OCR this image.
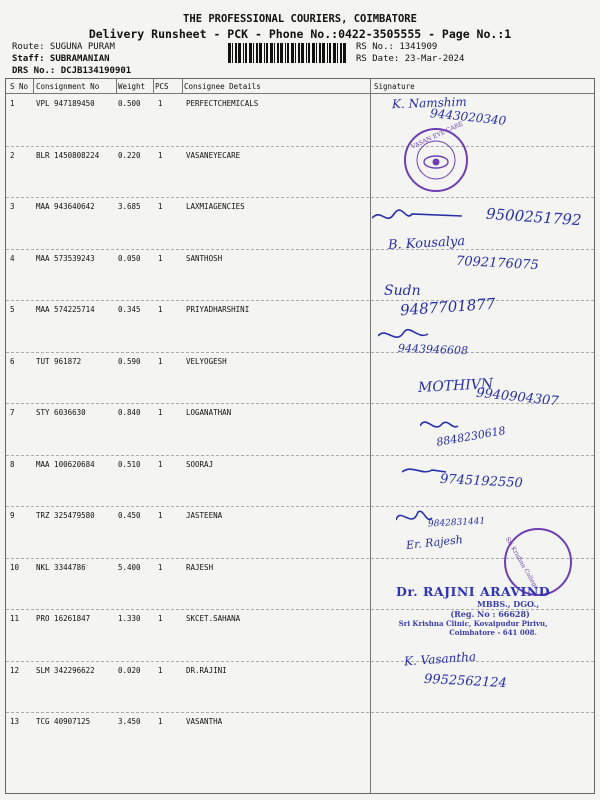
THE PROFESSIONAL COURIERS, COIMBATORE
Delivery Runsheet - PCK - Phone No.:0422-3505555 - Page No.:1
Route: SUGUNA PURAM
Staff: SUBRAMANIAN
DRS No.: DCJB134190901
RS No.: 1341909
RS Date: 23-Mar-2024
S No Consignment No	Weight PCS Consignee Details	Signature
1	VPL 947189450	0.500 1	PERFECTCHEMICALS
2	BLR 1450808224	0.220 1	VASANEYECARE
3	MAA 943640642	3.685 1	LAXMIAGENCIES
4	MAA 573539243	0.050 1	SANTHOSH
5	MAA 574225714	0.345 1	PRIYADHARSHINI
6	TUT 961872	0.590 1	VELYOGESH
7	STY 6036630	0.840 1	LOGANATHAN
8	MAA 100620684	0.510 1	SOORAJ
9	TRZ 325479580	0.450 1	JASTEENA
10 NKL 3344786	5.400 1	RAJESH
11 PRO 16261847	1.330 1	SKCET.SAHANA
12 SLM 342296622	0.020 1	DR.RAJINI
13 TCG 40907125	3.450 1	VASANTHA
VASAN EYE CARE
Sri Krishna College
Dr. RAJINI ARAVIND
MBBS., DGO.,
(Reg. No : 66628)
Sri Krishna Clinic, Kovaipudur Pirivu,
Coimbatore - 641 008.
K. Namshim
9443020340
9500251792
B. Kousalya
7092176075
Sudn
9487701877
9443946608
MOTHIVN
9940904307
8848230618
9745192550
9842831441
Er. Rajesh
K. Vasantha
9952562124
